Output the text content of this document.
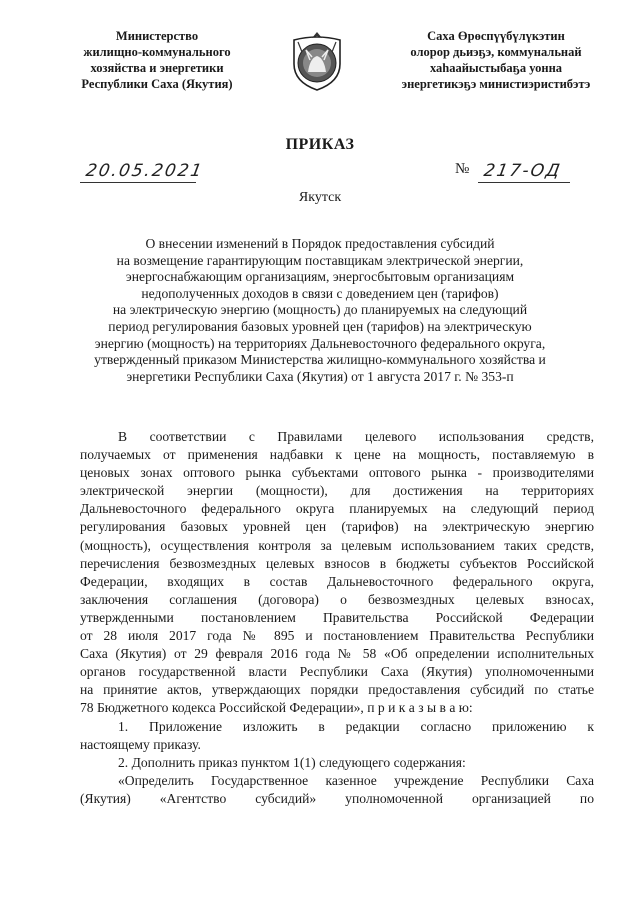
Министерство
жилищно-коммунального
хозяйства и энергетики
Республики Саха (Якутия)
Саха Өрөспүүбүлүкэтин
олорор дьиэҕэ, коммунальнай
хаһаайыстыбаҕа уонна
энергетикэҕэ министиэристибэтэ
ПРИКАЗ
20.05.2021	№ 217-ОД
Якутск
О внесении изменений в Порядок предоставления субсидий
на возмещение гарантирующим поставщикам электрической энергии,
энергоснабжающим организациям, энергосбытовым организациям
недополученных доходов в связи с доведением цен (тарифов)
на электрическую энергию (мощность) до планируемых на следующий
период регулирования базовых уровней цен (тарифов) на электрическую
энергию (мощность) на территориях Дальневосточного федерального округа,
утвержденный приказом Министерства жилищно-коммунального хозяйства и
энергетики Республики Саха (Якутия) от 1 августа 2017 г. № 353-п
В соответствии с Правилами целевого использования средств,
получаемых от применения надбавки к цене на мощность, поставляемую в
ценовых зонах оптового рынка субъектами оптового рынка - производителями
электрической энергии (мощности), для достижения на территориях
Дальневосточного федерального округа планируемых на следующий период
регулирования базовых уровней цен (тарифов) на электрическую энергию
(мощность), осуществления контроля за целевым использованием таких средств,
перечисления безвозмездных целевых взносов в бюджеты субъектов Российской
Федерации, входящих в состав Дальневосточного федерального округа,
заключения соглашения (договора) о безвозмездных целевых взносах,
утвержденными постановлением Правительства Российской Федерации
от 28 июля 2017 года № 895 и постановлением Правительства Республики
Саха (Якутия) от 29 февраля 2016 года № 58 «Об определении исполнительных
органов государственной власти Республики Саха (Якутия) уполномоченными
на принятие актов, утверждающих порядки предоставления субсидий по статье
78 Бюджетного кодекса Российской Федерации», п р и к а з ы в а ю:
1. Приложение изложить в редакции согласно приложению к
настоящему приказу.
2. Дополнить приказ пунктом 1(1) следующего содержания:
«Определить Государственное казенное учреждение Республики Саха
(Якутия) «Агентство субсидий» уполномоченной организацией по
